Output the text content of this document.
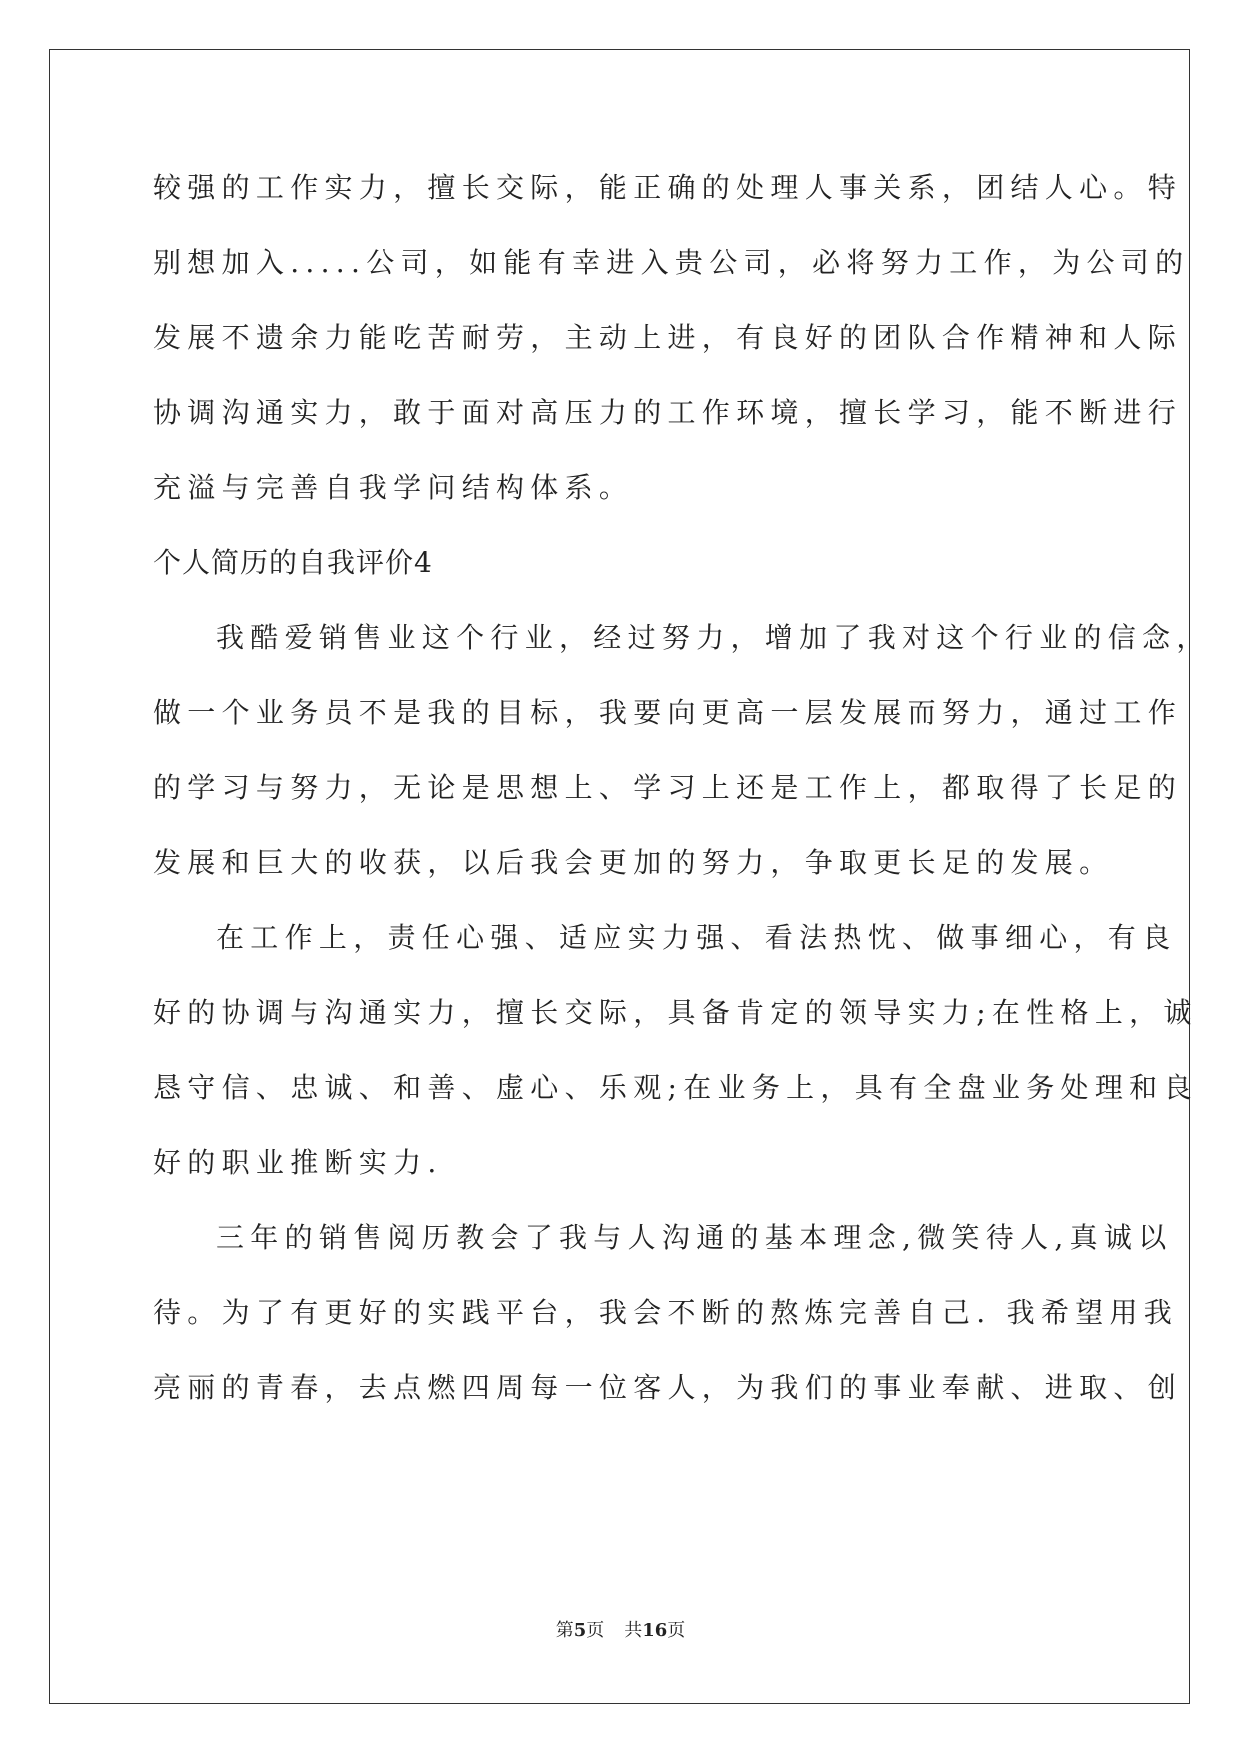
较强的工作实力，擅长交际，能正确的处理人事关系，团结人心。特
别想加入.....公司，如能有幸进入贵公司，必将努力工作，为公司的
发展不遗余力能吃苦耐劳，主动上进，有良好的团队合作精神和人际
协调沟通实力，敢于面对高压力的工作环境，擅长学习，能不断进行
充溢与完善自我学问结构体系。
个人简历的自我评价4
我酷爱销售业这个行业，经过努力，增加了我对这个行业的信念，
做一个业务员不是我的目标，我要向更高一层发展而努力，通过工作
的学习与努力，无论是思想上、学习上还是工作上，都取得了长足的
发展和巨大的收获，以后我会更加的努力，争取更长足的发展。
在工作上，责任心强、适应实力强、看法热忱、做事细心，有良
好的协调与沟通实力，擅长交际，具备肯定的领导实力;在性格上，诚
恳守信、忠诚、和善、虚心、乐观;在业务上，具有全盘业务处理和良
好的职业推断实力.
三年的销售阅历教会了我与人沟通的基本理念,微笑待人,真诚以
待。为了有更好的实践平台，我会不断的熬炼完善自己. 我希望用我
亮丽的青春，去点燃四周每一位客人，为我们的事业奉献、进取、创
第5页 共16页
